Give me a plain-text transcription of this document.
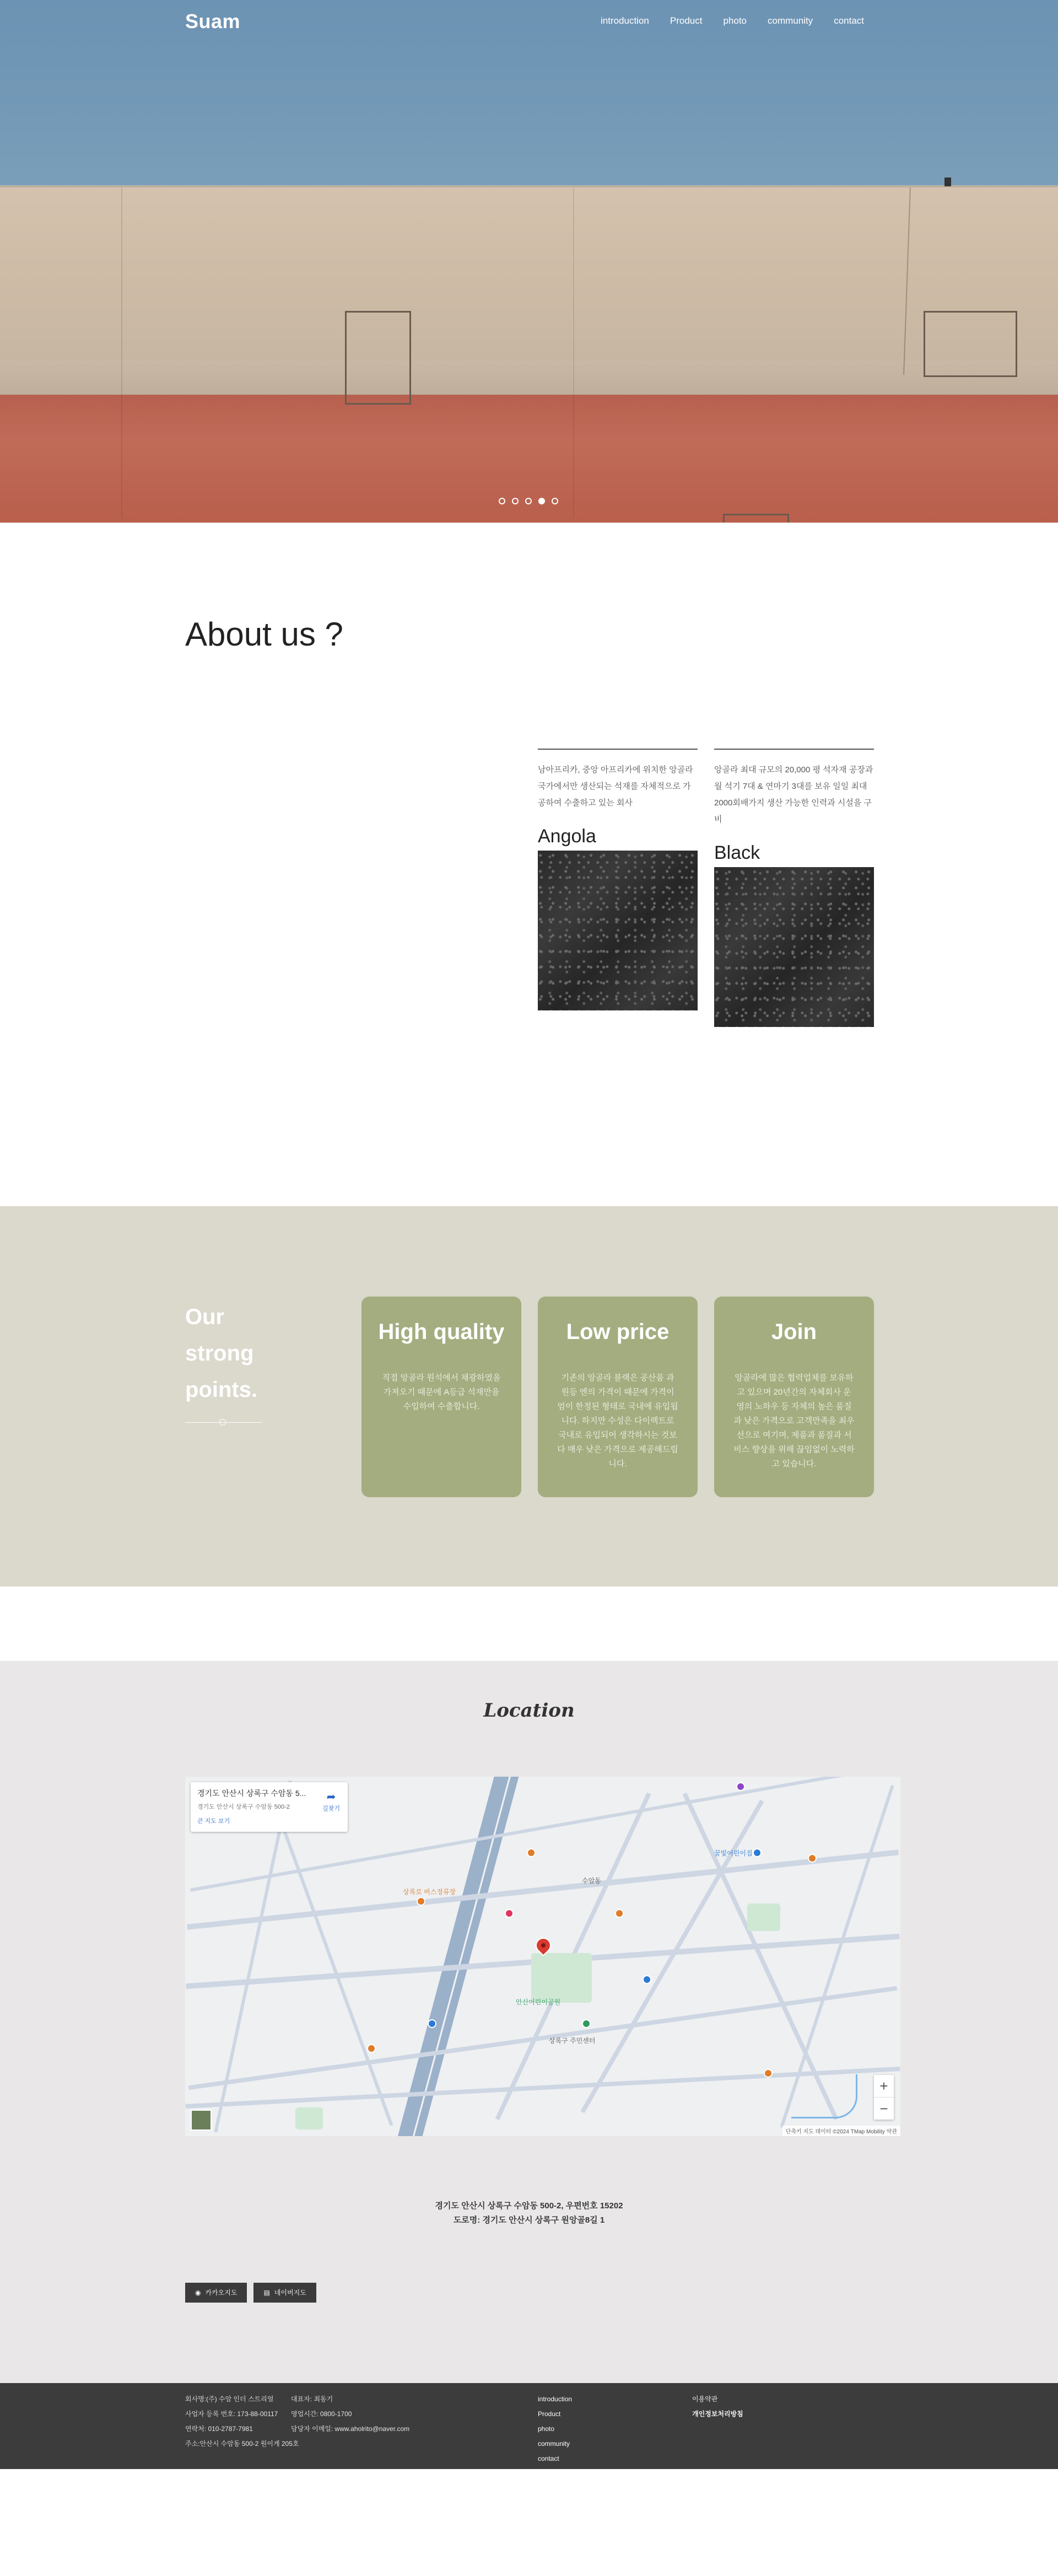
Suam	introduction Product photo community contact
About us ?

남아프리카, 중앙 아프리카에 위치한 앙골라 국가에서만 생산되는 석재를 자체적으로 가공하여 수출하고 있는 회사

Angola

앙골라 최대 규모의 20,000 평 석자재 공장과 월 석기 7대 & 연마기 3대를 보유 일일 최대 2000회배가지 생산 가능한 인력과 시설을 구비

Black
Our strong points.
High quality

직접 앙골라 원석에서 채광하였을 가져오기 때문에 A등급 석재만을 수입하여 수출합니다.

Low price

기존의 앙골라 블랙은 공산품 과 원등 엔의 가격이 때문에 가격이 엄이 한정된 형태로 국내에 유입됩니다. 하지만 수성은 다이렉트로 국내로 유입되어 생각하시는 것보다 매우 낮은 가격으로 제공해드립니다.

Join

앙골라에 많은 협력업체를 보유하고 있으며 20년간의 자체회사 운영의 노하우 등 자체의 높은 품질과 낮은 가격으로 고객만족을 최우선으로 여기며, 제품과 품질과 서비스 향상을 위해 끊임없이 노력하고 있습니다.

Location
상록로 버스정류장
꿈빛어린이집
안산어린이공원
수암동
상록구 주민센터
경기도 안산시 상록구 수암동 5...
경기도 안산시 상록구 수암동 500-2
큰 지도 보기
➦
길찾기
+
−
단축키 지도 데이터 ©2024 TMap Mobility 약관
경기도 안산시 상록구 수암동 500-2, 우편번호 15202
도로명: 경기도 안산시 상록구 원앙골8길 1
◉ 카카오지도	▤ 네이버지도
회사명:(주) 수암 인더 스트리얼
사업자 등록 번호: 173-88-00117
연락처: 010-2787-7981
주소:안산시 수암동 500-2 원이게 205호
대표자: 최동기
영업시간: 0800-1700
담당자 이메일: www.aholrito@naver.com
introduction
Product
photo
community
contact
이용약관
개인정보처리방침
